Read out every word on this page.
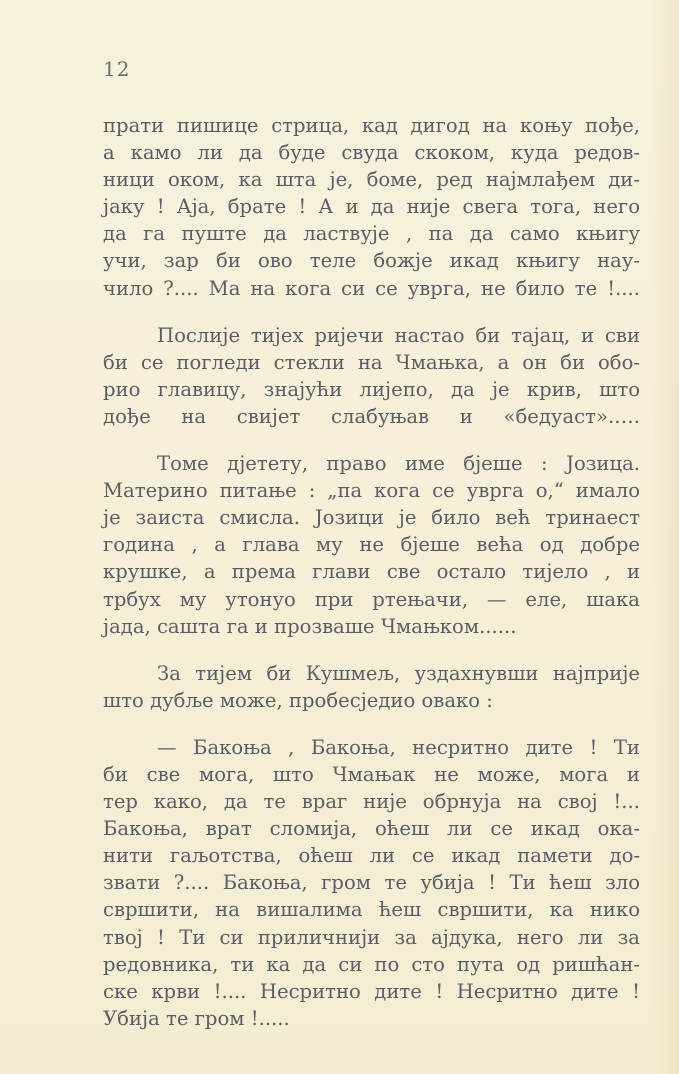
12
прати пишице стрица, кад дигод на коњу пође,
а камо ли да буде свуда скоком, куда редов-
ници оком, ка шта је, боме, ред најмлађем ди-
јаку ! Аја, брате ! А и да није свега тога, него
да га пуште да ластвује , па да само књигу
учи, зар би ово теле божје икад књигу нау-
чило ?.... Ма на кога си се уврга, не било те !....
Послије тијех ријечи настао би тајац, и сви
би се погледи стекли на Чмањка, а он би обо-
рио главицу, знајући лијепо, да је крив, што
дође на свијет слабуњав и «бедуаст».….
Томе дјетету, право име бјеше : Јозица.
Материно питање : „па кога се уврга о,“ имало
је заиста смисла. Јозици је било већ тринаест
година , а глава му не бјеше већа од добре
крушке, а према глави све остало тијело , и
трбух му утонуо при ртењачи, — еле, шака
јада, сашта га и прозваше Чмањком......
За тијем би Кушмељ, уздахнувши најприје
што дубље може, пробесједио овако :
— Бакоња , Бакоња, несритно дите ! Ти
би све мога, што Чмањак не може, мога и
тер како, да те враг није обрнуја на свој !...
Бакоња, врат сломија, оћеш ли се икад ока-
нити гаљотства, оћеш ли се икад памети до-
звати ?.... Бакоња, гром те убија ! Ти ћеш зло
свршити, на вишалима ћеш свршити, ка нико
твој ! Ти си приличнији за ајдука, него ли за
редовника, ти ка да си по сто пута од ришћан-
ске крви !.... Несритно дите ! Несритно дите !
Убија те гром !.....
